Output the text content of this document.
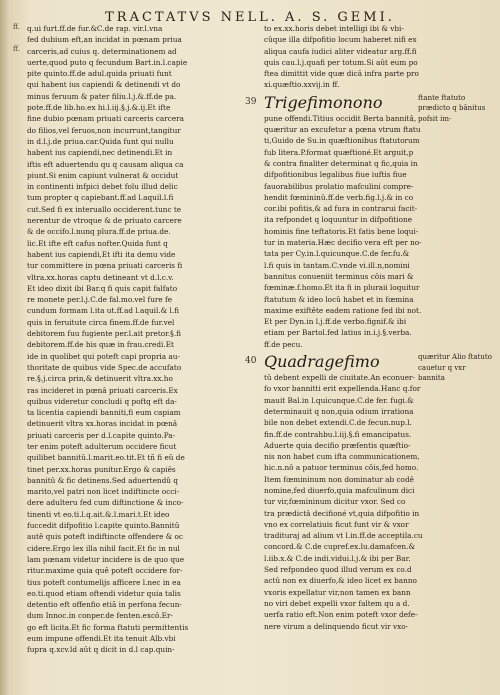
TRACTATVS NELL. A. S. GEMI.
q.ui furt.ff.de fur.&C.de rap. vir.l.vna
fed dubium eft,an incidat in pœnam priua
carceris,ad cuius q. determinationem ad
uerte,quod puto q fecundum Bart.in.l.capie
pite quinto.ff.de adul.quida priuati funt
qui habent ius capiendi & detinendi vt do
minus feruum & pater filiu.l.j.&.ff.de pa.
pote.ff.de lib.ho.ex hi.l.iij.§.j.&.ij.Et ifte
fine dubio pœnam priuati carceris carcera
do filios,vel feruos,non incurrunt,tangitur
in d.l.j.de priua.car.Quida funt qui nullu
habent ius capiendi,nec detinendi.Et in
iftis eft aduertendu qu q causam aliqua ca
piunt.Si enim capiunt vulnerat & occidut
in continenti infpici debet folu illud delic
tum propter q capiebant.ff.ad l.aquil.l.fi
cut.Sed fi ex interuallo occiderent.tunc te
nerentur de vtroque & de priuato carcere
& de occifo.l.nunq plura.ff.de priua.de.
lic.Et ifte eft cafus nofter.Quida funt q
habent ius capiendi,Et ifti ita demu vide
tur committere in pœna priuati carceris fi
vltra.xx.horas captu detineant vt d.l.c.v.
Et ideo dixit ibi Bar.q fi quis capit falfato
re monete per.l.j.C.de fal.mo.vel fure fe
cundum formam l.ita ut.ff.ad l.aquil.& l.fi
quis in feruitute circa finem.ff.de fur.vel
debitorem fuu fugiente per.l.ait pretor.§.fi
debitorem.ff.de his quæ in frau.credi.Et
ide in quolibet qui poteft capi propria au-
thoritate de quibus vide Spec.de accufato
re.§.j.circa prin,& detinuerit vltra.xx.ho
ras incideret in pœnâ priuati carceris.Ex
quibus videretur concludi q poftq eft da-
ta licentia capiendi banniti,fi eum capiam
detinuerit vltra xx.horas incidat in pœnâ
priuati carceris per d.l.capite quinto.Pa-
ter enim poteft adulterum occidere ficut
quilibet bannitû.l.marit.eo.tit.Et tñ fi eû de
tinet per.xx.horas punitur.Ergo & capiês
bannitû & fic detinens.Sed aduertendû q
marito,vel patri non licet indiftincte occi-
dere adulteru fed cum diftinctione & inco-
tinenti vt eo.ti.l.q.ait.&.l.mari.t.Et ideo
fuccedit difpofitio l.capite quinto.Bannitû
autê quis poteft indiftincte offendere & oc
cidere.Ergo lex illa nihil facit.Et fic in nul
lam pœnam videtur incidere is de quo que
ritur.maxime quia quê poteft occidere for-
tius poteft contumelijs afficere l.nec in ea
eo.ti.quod etiam oftendi videtur quia talis
detentio eft offenfio etiã in perfona fecun-
dum Innoc.in conper.de fenten.excô.Er-
go eft licita.Et fic forma ftatuti permittentis
eum impune offendi.Et ita tenuit Alb.vbi
fupra q.xcv.ld aût q dicit in d.l cap.quin-
to ex.xx.horis debet intelligi ibi & vbi-
cûque illa difpofitio locum haberet nifi ex
aliqua caufa iudici aliter videatur arg.ff.fi
quis cau.l.j.quafi per totum.Si aût eum po
ftea dimittit vide quæ dicâ infra parte pro
xi.quæftio.xxvij.in ff.
39 Trigefimonono	ftante ftatuto prædicto q bânitus pofsit im-
pune offendi.Titius occidit Berta bannitâ,
quæritur an excufetur a pœna vtrum ftatu
ti,Guido de Su.in quæftionibus ftatutorum
fub litera.P.format quæftioné.Et arguit,p
& contra finaliter determinat q fic,quia in
difpofitionibus legalibus fiue iuftis fiue
fauorabilibus prolatio mafculini compre-
hendit fœmininû.ff.de verb.fig.l.j.& in co
cor.ibi pofitis,& ad fura in contrarui facit-
ita refpondet q loquuntur in difpofitione
hominis fine teftatoris.Et fatis bene loqui-
tur in materia.Hæc decifio vera eft per no-
tata per Cy.in.l.quicunque.C.de fer.fu.&
l.fi quis in tantam.C.vnde vi.ill.n,nomini
bannitus conueniit terminus côis mari &
fœminæ.f.homo.Et ita fi in pluraii loquitur
ftatutum & ideo locû habet et in fœmina
maxime exiftête eadem ratione fed ibi not.
Et per Dyn.in l.j.ff.de verbo.fignif.& ibi
etiam per Bartol.fed latius in.i.j.§.verba.
ff.de pecu.
40 Quadragefimo	quæritur Alio ftatuto cauetur q vxr bannita
tû debent expelli de ciuitate.An econuer-
fo vxor bannitti erit expellenda.Hanc q.for
mauit Bal.in l.quicunque.C.de fer. fugi.&
determinauit q non,quia odium irrationa
bile non debet extendi.C.de fecun.nup.l.
fin.ff.de contrahbu.l.iij.§.fi emancipatus.
Aduerte quia decifio præfentis quæftio-
nis non habet cum ifta communicationem,
hic.n.nô a patuor terminus côis,fed homo.
Item fœmininum non dominatur ab codê
nomine,fed diuerfo,quia mafculinum dici
tur vir,fœmininum dicitur vxor. Sed co
tra prædictâ decifioné vt,quia difpofitio in
vno ex correlatiuis ficut funt vir & vxor
tradituraj ad alium vt l.in.ff.de acceptila.cu
concord.& C.de cupref.ex.lu.damafcen.&
l.iib.x.& C.de indi.vidui.l.j.& ibi per Bar.
Sed refpondeo quod illud verum ex co.d
actû non ex diuerfo,& ideo licet ex banno
vxoris expellatur vir,non tamen ex bann
no viri debet expelli vxor faltem qu a d.
uerfa ratio eft.Non enim poteft vxor defe-
nere virum a delinquendo ficut vir vxo-
ff.
ff.
